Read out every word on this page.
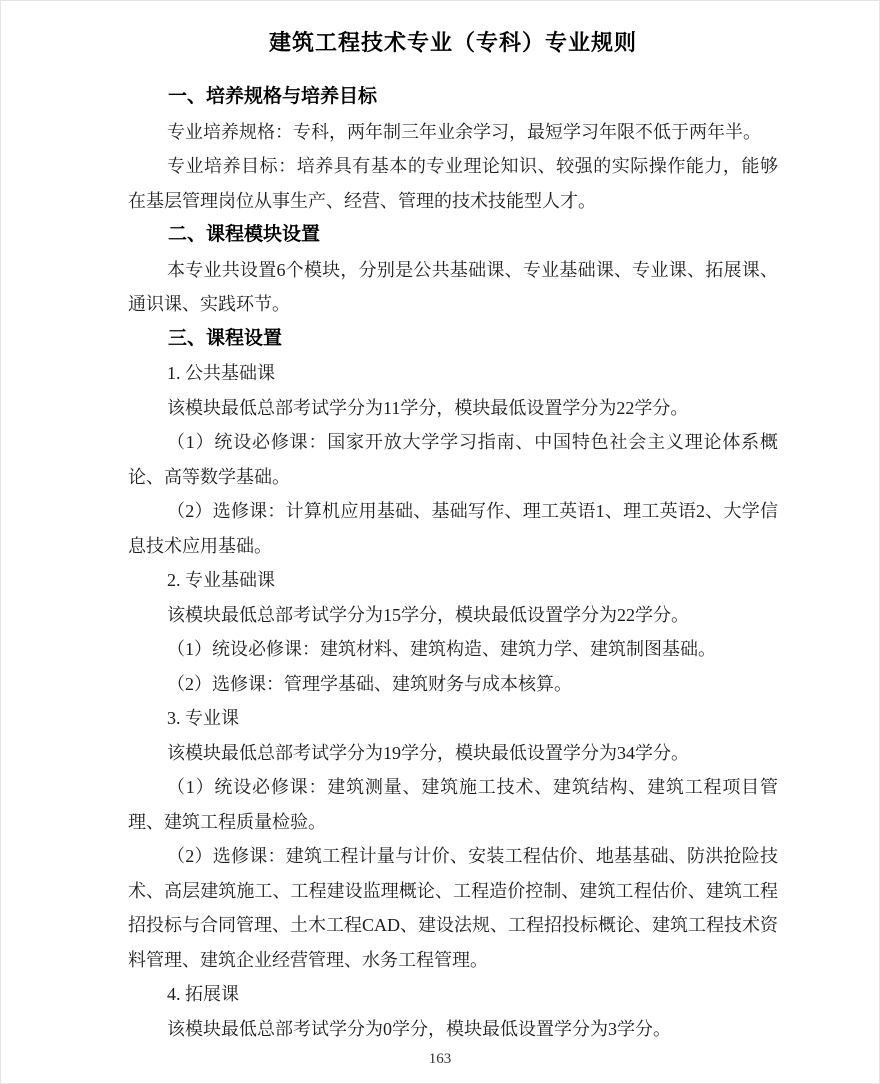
建筑工程技术专业（专科）专业规则
一、培养规格与培养目标

专业培养规格：专科，两年制三年业余学习，最短学习年限不低于两年半。

专业培养目标：培养具有基本的专业理论知识、较强的实际操作能力，能够在基层管理岗位从事生产、经营、管理的技术技能型人才。

二、课程模块设置

本专业共设置6个模块，分别是公共基础课、专业基础课、专业课、拓展课、通识课、实践环节。

三、课程设置

1. 公共基础课

该模块最低总部考试学分为11学分，模块最低设置学分为22学分。

（1）统设必修课：国家开放大学学习指南、中国特色社会主义理论体系概论、高等数学基础。

（2）选修课：计算机应用基础、基础写作、理工英语1、理工英语2、大学信息技术应用基础。

2. 专业基础课

该模块最低总部考试学分为15学分，模块最低设置学分为22学分。

（1）统设必修课：建筑材料、建筑构造、建筑力学、建筑制图基础。

（2）选修课：管理学基础、建筑财务与成本核算。

3. 专业课

该模块最低总部考试学分为19学分，模块最低设置学分为34学分。

（1）统设必修课：建筑测量、建筑施工技术、建筑结构、建筑工程项目管理、建筑工程质量检验。

（2）选修课：建筑工程计量与计价、安装工程估价、地基基础、防洪抢险技术、高层建筑施工、工程建设监理概论、工程造价控制、建筑工程估价、建筑工程招投标与合同管理、土木工程CAD、建设法规、工程招投标概论、建筑工程技术资料管理、建筑企业经营管理、水务工程管理。

4. 拓展课

该模块最低总部考试学分为0学分，模块最低设置学分为3学分。

163
